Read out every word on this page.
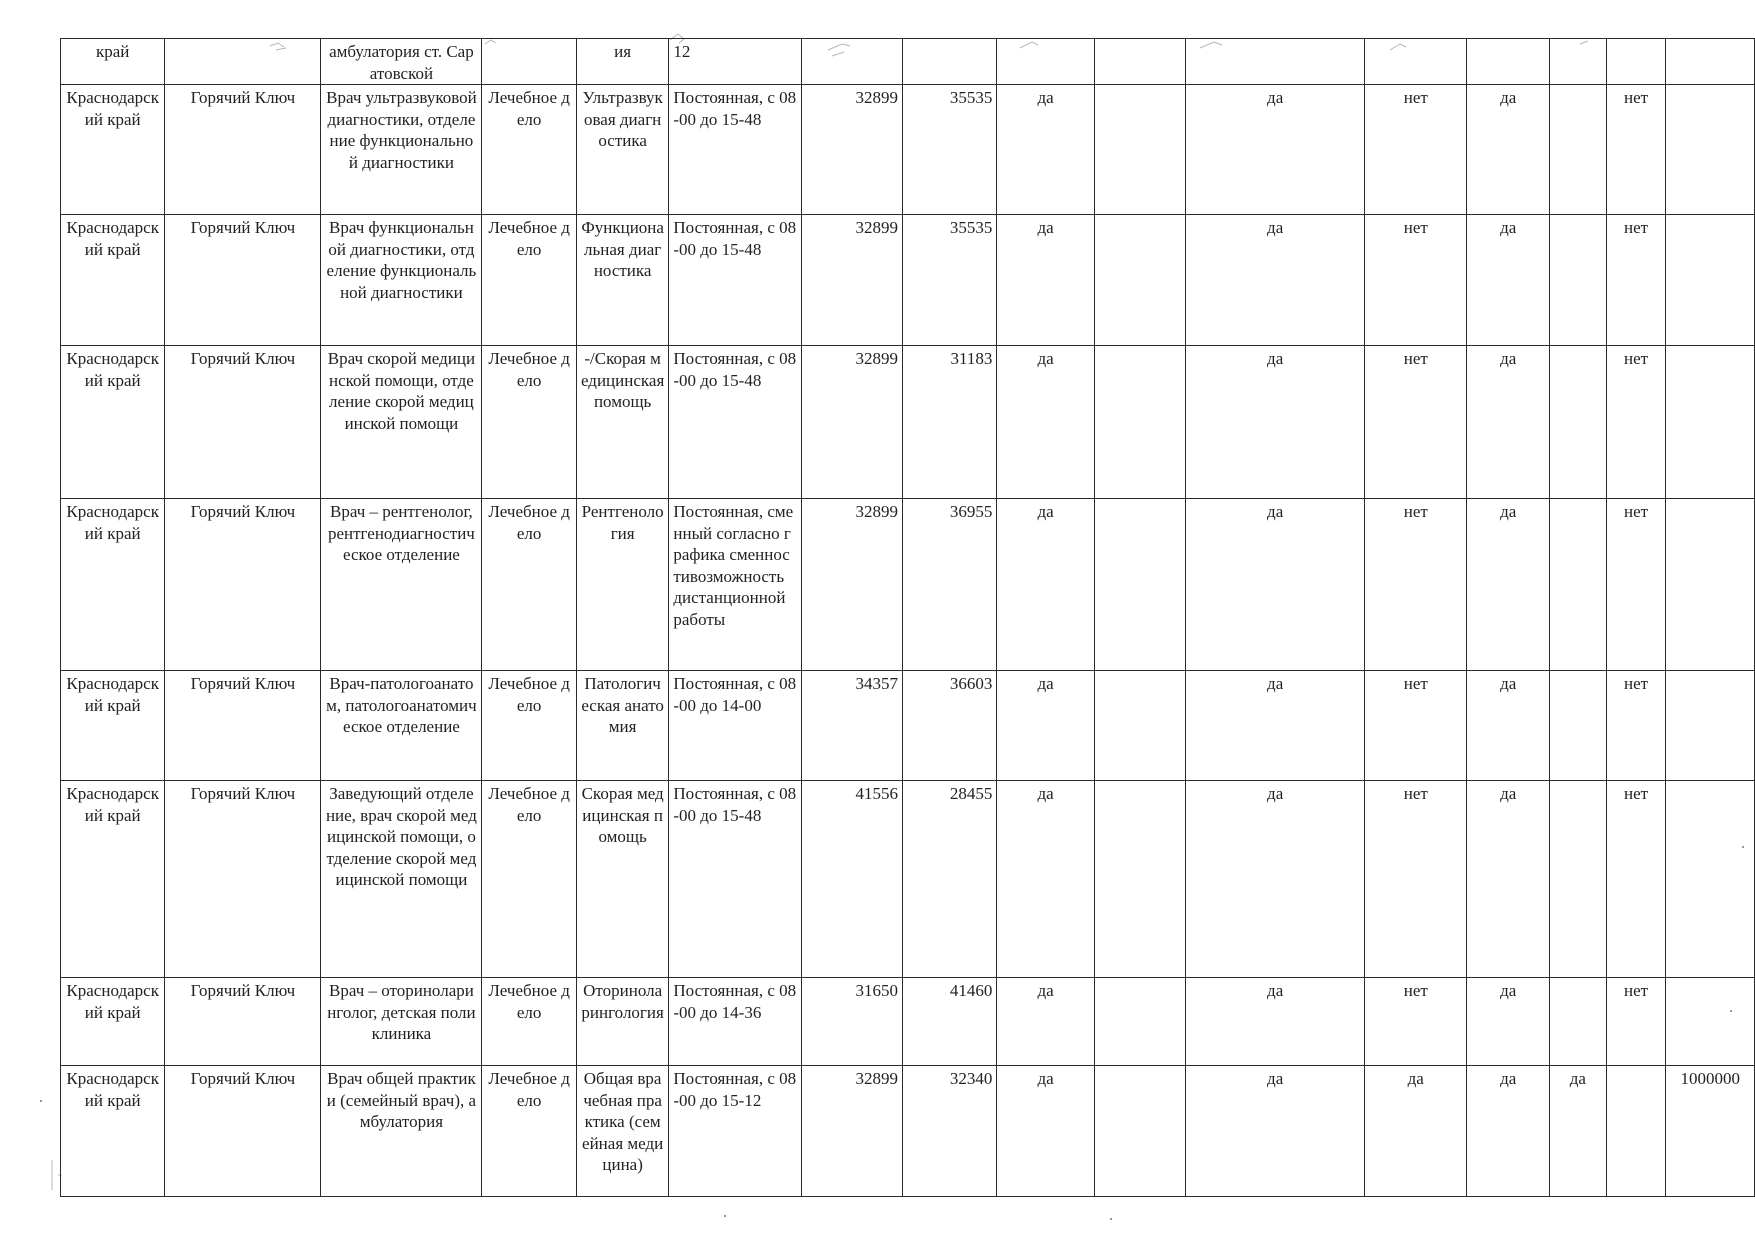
край		амбулатория ст. Саратовской		ия	12										
Краснодарский край	Горячий Ключ	Врач ультразвуковой диагностики, отделение функциональной диагностики	Лечебное дело	Ультразвуковая диагностика	Постоянная, с 08-00 до 15-48	32899	35535	да		да	нет	да		нет	
Краснодарский край	Горячий Ключ	Врач функциональной диагностики, отделение функциональной диагностики	Лечебное дело	Функциональная диагностика	Постоянная, с 08-00 до 15-48	32899	35535	да		да	нет	да		нет	
Краснодарский край	Горячий Ключ	Врач скорой медицинской помощи, отделение скорой медицинской помощи	Лечебное дело	-/Скорая медицинская помощь	Постоянная, с 08-00 до 15-48	32899	31183	да		да	нет	да		нет	
Краснодарский край	Горячий Ключ	Врач – рентгенолог, рентгенодиагностическое отделение	Лечебное дело	Рентгенология	Постоянная, сменный согласно графика сменностивозможность дистанционной работы	32899	36955	да		да	нет	да		нет	
Краснодарский край	Горячий Ключ	Врач-патологоанатом, патологоанатомическое отделение	Лечебное дело	Патологическая анатомия	Постоянная, с 08-00 до 14-00	34357	36603	да		да	нет	да		нет	
Краснодарский край	Горячий Ключ	Заведующий отделение, врач скорой медицинской помощи, отделение скорой медицинской помощи	Лечебное дело	Скорая медицинская помощь	Постоянная, с 08-00 до 15-48	41556	28455	да		да	нет	да		нет	
Краснодарский край	Горячий Ключ	Врач – оториноларинголог, детская поликлиника	Лечебное дело	Оториноларингология	Постоянная, с 08-00 до 14-36	31650	41460	да		да	нет	да		нет	
Краснодарский край	Горячий Ключ	Врач общей практики (семейный врач), амбулатория	Лечебное дело	Общая врачебная практика (семейная медицина)	Постоянная, с 08-00 до 15-12	32899	32340	да		да	да	да	да		1000000
